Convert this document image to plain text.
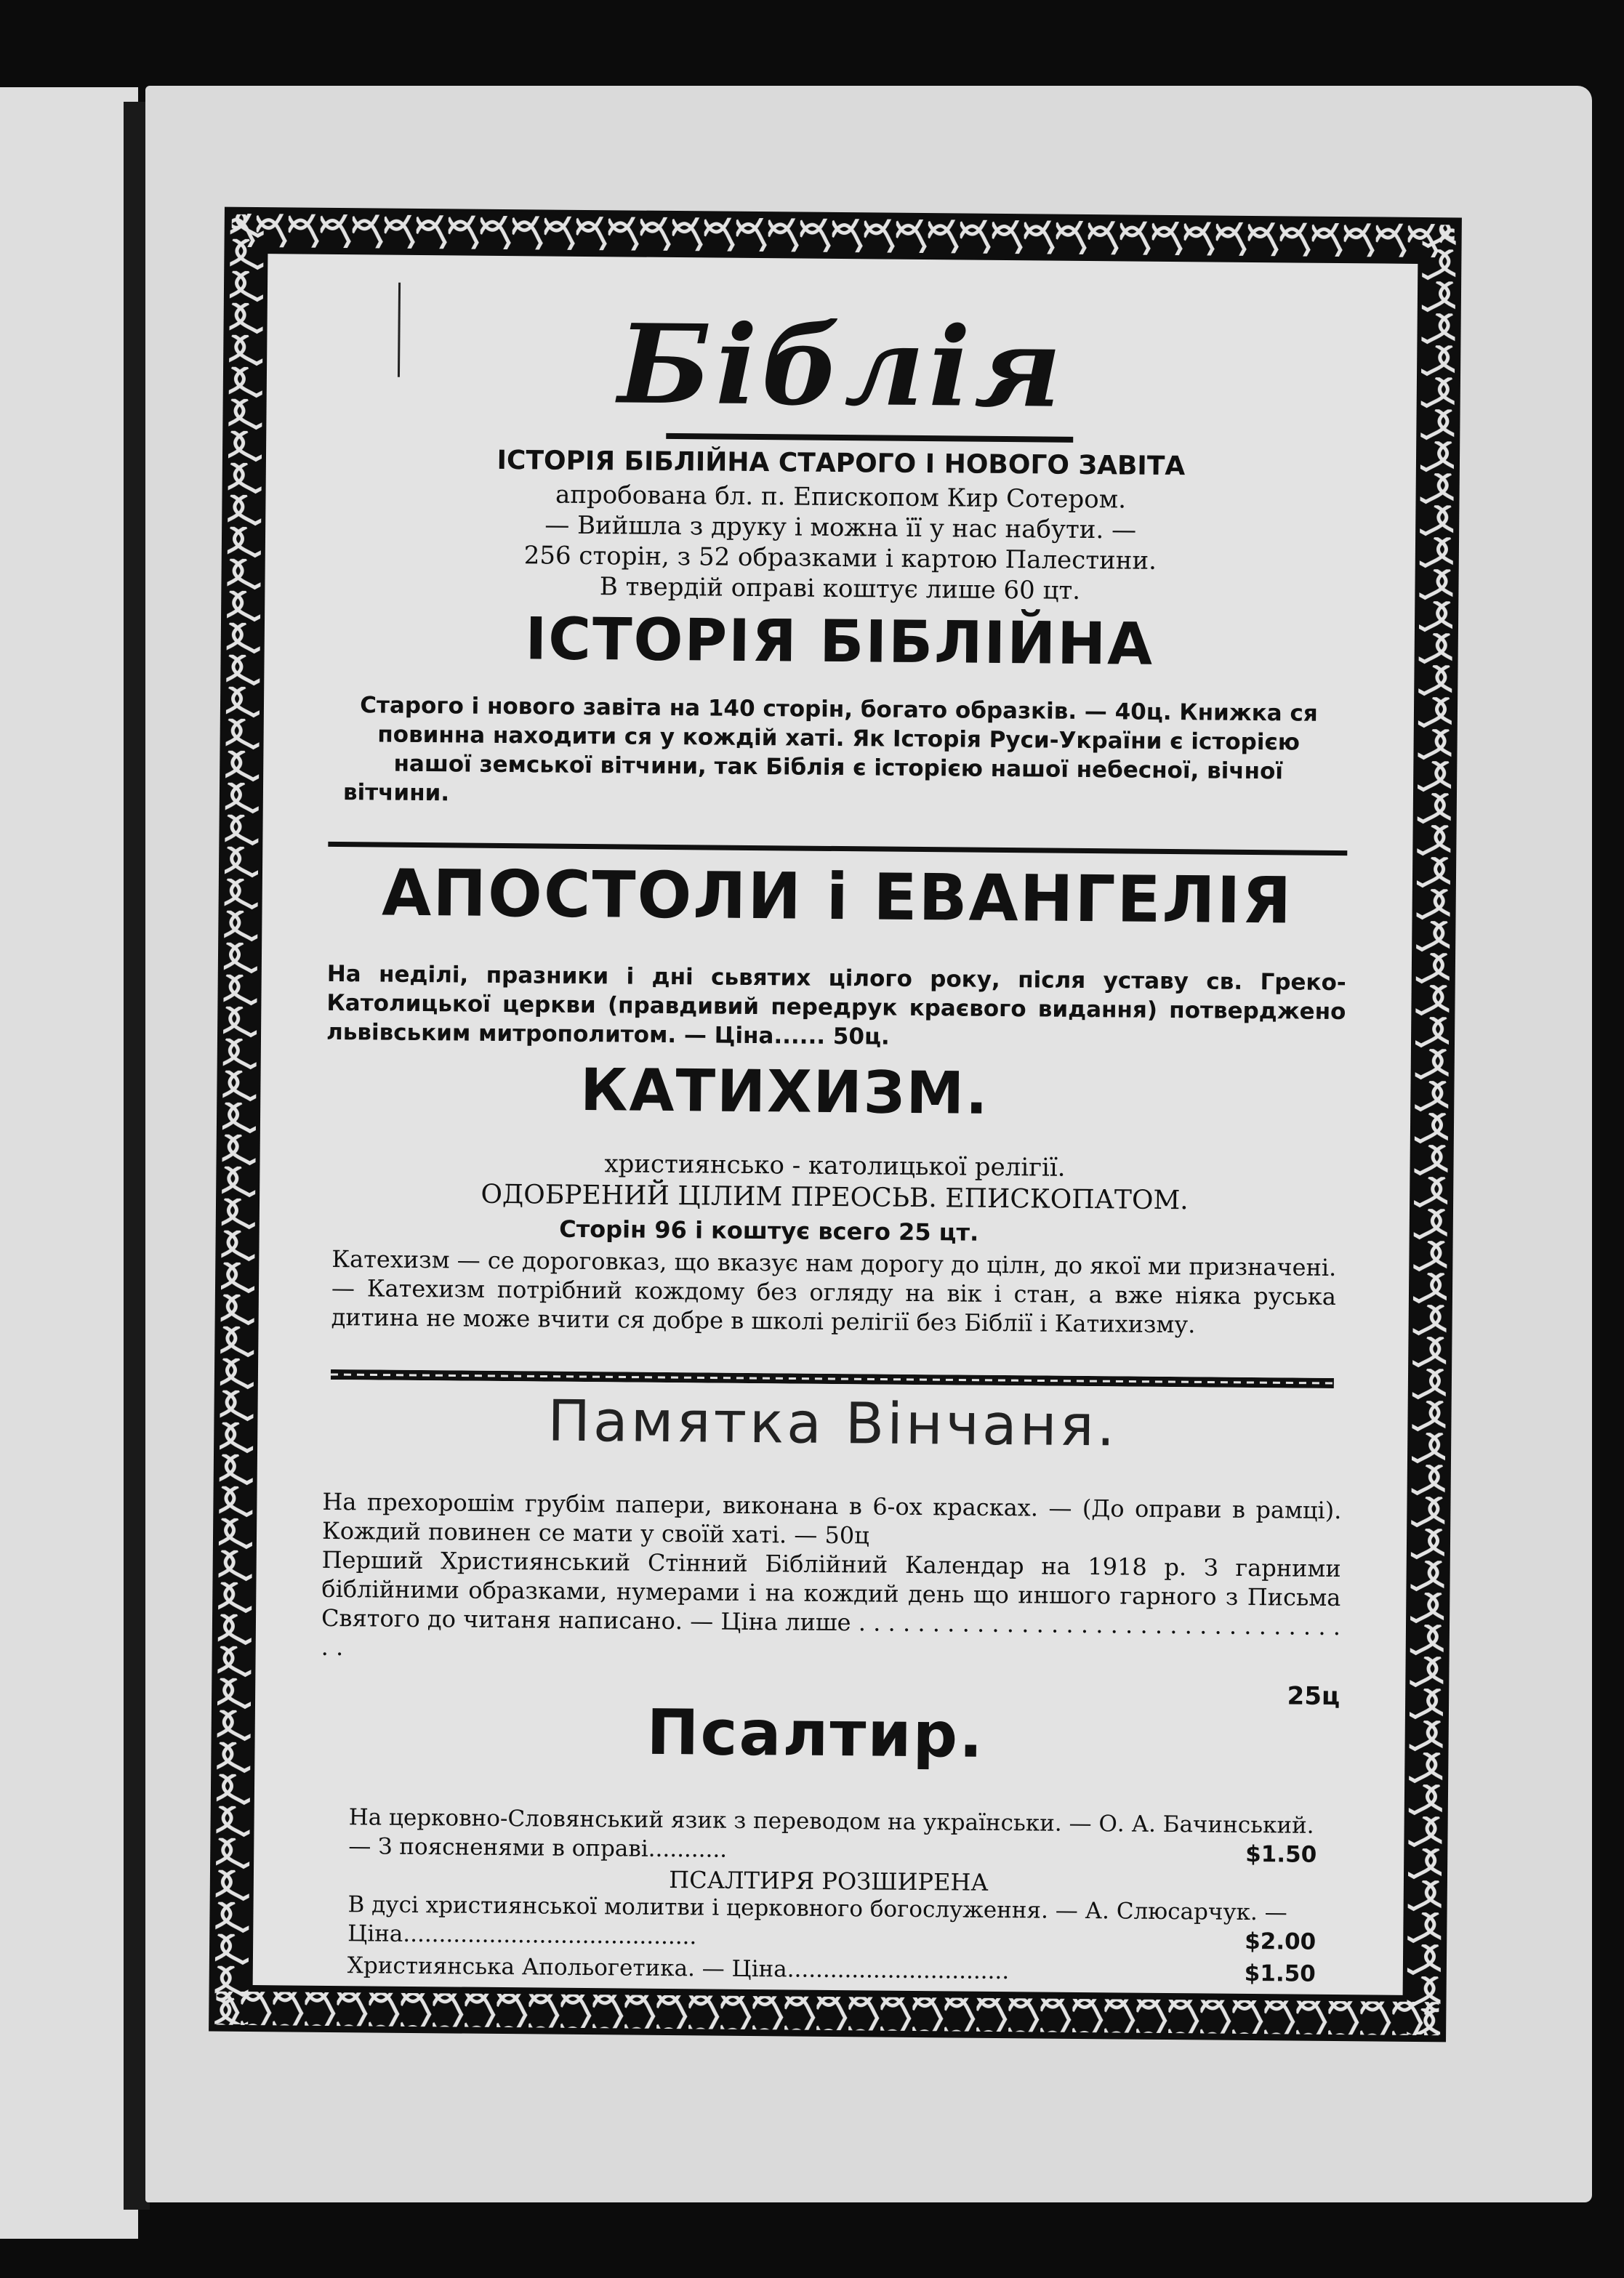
Біблія
ІСТОРІЯ БІБЛІЙНА СТАРОГО І НОВОГО ЗАВІТА
апробована бл. п. Епископом Кир Сотером.
— Вийшла з друку і можна її у нас набути. —
256 сторін, з 52 образками і картою Палестини.
В твердій оправі коштує лише 60 цт.
ІСТОРІЯ БІБЛІЙНА
Старого і нового завіта на 140 сторін, богато образків. — 40ц. Книжка ся повинна находити ся у кождій хаті. Як Історія Руси-України є історією нашої земської вітчини, так Біблія є історією нашої небесної, вічної вітчини.
АПОСТОЛИ і ЕВАНГЕЛІЯ
На неділі, празники і дні сьвятих цілого року, після уставу св. Греко-Католицької церкви (правдивий передрук краєвого видання) потверджено львівським митрополитом. — Ціна...... 50ц.
КАТИХИЗМ.
християнсько - католицької релігії.
ОДОБРЕНИЙ ЦІЛИМ ПРЕОСЬВ. ЕПИСКОПАТОМ.
Сторін 96 і коштує всего 25 цт.
Катехизм — се дороговказ, що вказує нам дорогу до цілн, до якої ми призначені. — Катехизм потрібний кождому без огляду на вік і стан, а вже ніяка руська дитина не може вчити ся добре в школі релігії без Біблії і Катихизму.
Памятка Вінчаня.
На прехорошім грубім папери, виконана в 6-ох красках. — (До оправи в рамці). Кождий повинен се мати у своїй хаті. — 50ц
Перший Християнський Стінний Біблійний Календар на 1918 р. З гарними біблійними образками, нумерами і на кождий день що иншого гарного з Письма Святого до читаня написано. — Ціна лише . . . . . . . . . . . . . . . . . . . . . . . . . . . . . . . . . . .
25ц
Псалтир.
На церковно-Словянський язик з переводом на українськи. — О. А. Бачинський. — З поясненями в оправі...........	$1.50
ПСАЛТИРЯ РОЗШИРЕНА
В дусі християнської молитви і церковного богослуження. — А. Слюсарчук. — Ціна.........................................	$2.00
Християнська Апольогетика. — Ціна...............................	$1.50
